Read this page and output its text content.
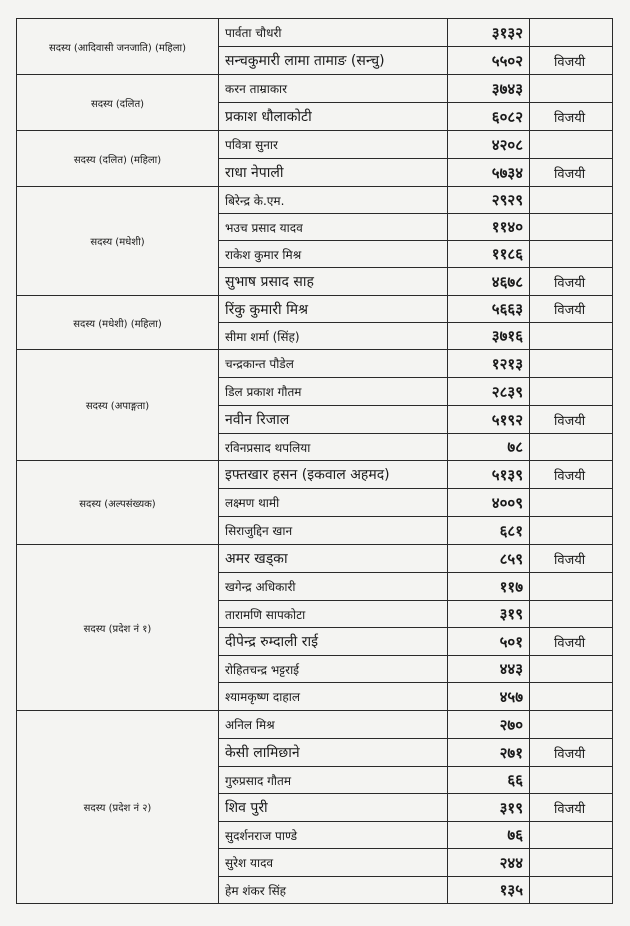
सदस्य (आदिवासी जनजाति) (महिला)	पार्वता चौधरी	३१३२	
	सन्चकुमारी लामा तामाङ (सन्चु)	५५०२	विजयी
सदस्य (दलित)	करन ताम्राकार	३७४३	
	प्रकाश धौलाकोटी	६०८२	विजयी
सदस्य (दलित) (महिला)	पवित्रा सुनार	४२०८	
	राधा नेपाली	५७३४	विजयी
सदस्य (मधेशी)	बिरेन्द्र के.एम.	२९२९	
	भउच प्रसाद यादव	११४०	
	राकेश कुमार मिश्र	११८६	
	सुभाष प्रसाद साह	४६७८	विजयी
सदस्य (मधेशी) (महिला)	रिंकु कुमारी मिश्र	५६६३	विजयी
	सीमा शर्मा (सिंह)	३७१६	
सदस्य (अपाङ्गता)	चन्द्रकान्त पौडेल	१२१३	
	डिल प्रकाश गौतम	२८३९	
	नवीन रिजाल	५१९२	विजयी
	रविनप्रसाद थपलिया	७८	
सदस्य (अल्पसंख्यक)	इफ्तखार हसन (इकवाल अहमद)	५१३९	विजयी
	लक्ष्मण थामी	४००९	
	सिराजुद्दिन खान	६८१	
सदस्य (प्रदेश नं १)	अमर खड्का	८५९	विजयी
	खगेन्द्र अधिकारी	११७	
	तारामणि सापकोटा	३१९	
	दीपेन्द्र रुम्दाली राई	५०१	विजयी
	रोहितचन्द्र भट्टराई	४४३	
	श्यामकृष्ण दाहाल	४५७	
सदस्य (प्रदेश नं २)	अनिल मिश्र	२७०	
	केसी लामिछाने	२७१	विजयी
	गुरुप्रसाद गौतम	६६	
	शिव पुरी	३१९	विजयी
	सुदर्शनराज पाण्डे	७६	
	सुरेश यादव	२४४	
	हेम शंकर सिंह	१३५	
